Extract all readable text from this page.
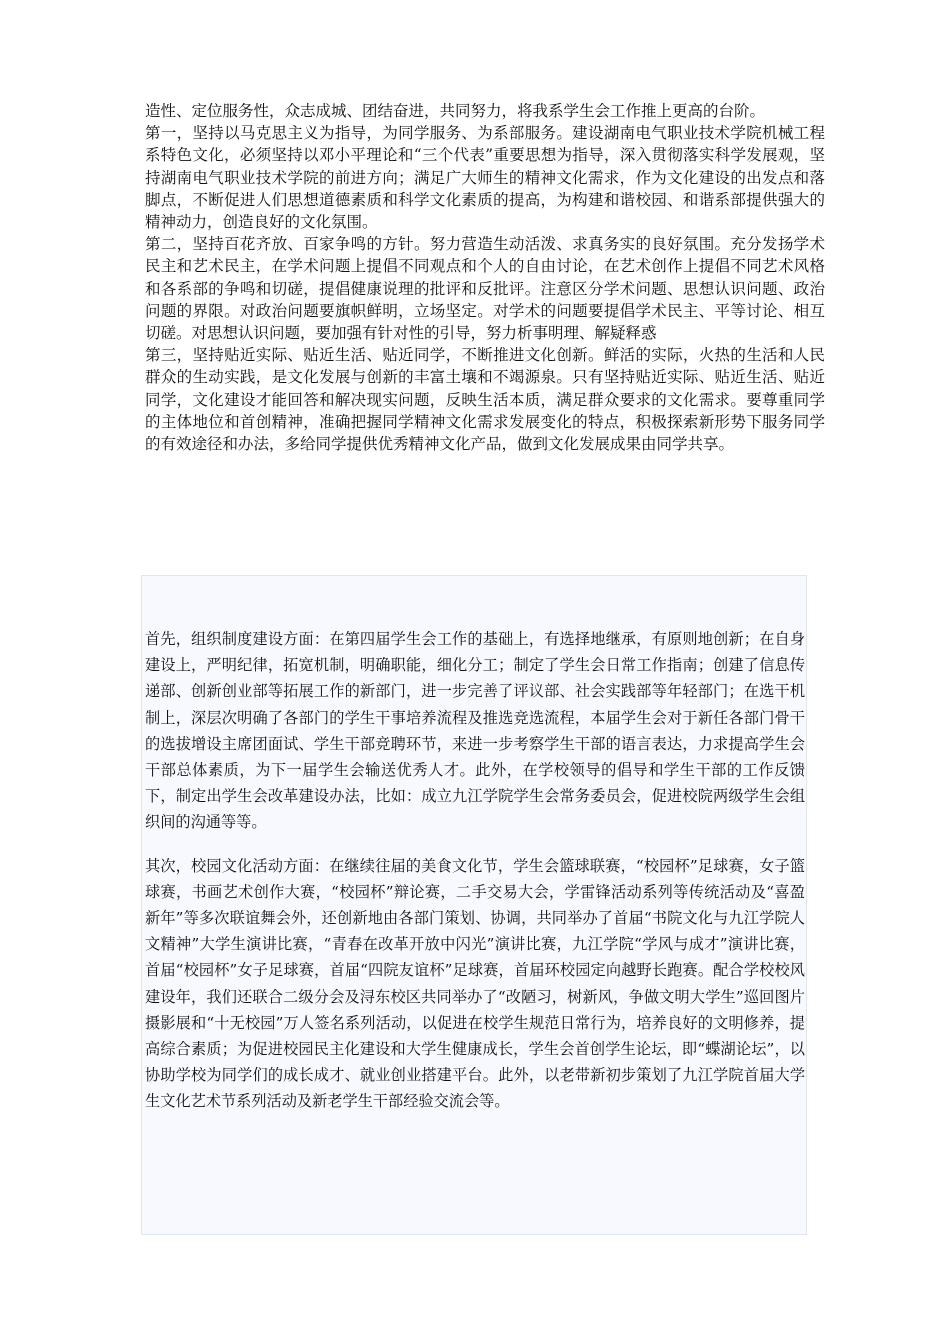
造性、定位服务性，众志成城、团结奋进，共同努力，将我系学生会工作推上更高的台阶。

第一，坚持以马克思主义为指导，为同学服务、为系部服务。建设湖南电气职业技术学院机械工程系特色文化，必须坚持以邓小平理论和“三个代表”重要思想为指导，深入贯彻落实科学发展观，坚持湖南电气职业技术学院的前进方向；满足广大师生的精神文化需求，作为文化建设的出发点和落脚点，不断促进人们思想道德素质和科学文化素质的提高，为构建和谐校园、和谐系部提供强大的精神动力，创造良好的文化氛围。

第二，坚持百花齐放、百家争鸣的方针。努力营造生动活泼、求真务实的良好氛围。充分发扬学术民主和艺术民主，在学术问题上提倡不同观点和个人的自由讨论，在艺术创作上提倡不同艺术风格和各系部的争鸣和切磋，提倡健康说理的批评和反批评。注意区分学术问题、思想认识问题、政治问题的界限。对政治问题要旗帜鲜明，立场坚定。对学术的问题要提倡学术民主、平等讨论、相互切磋。对思想认识问题，要加强有针对性的引导，努力析事明理、解疑释惑

第三，坚持贴近实际、贴近生活、贴近同学，不断推进文化创新。鲜活的实际，火热的生活和人民群众的生动实践，是文化发展与创新的丰富土壤和不竭源泉。只有坚持贴近实际、贴近生活、贴近同学，文化建设才能回答和解决现实问题，反映生活本质，满足群众要求的文化需求。要尊重同学的主体地位和首创精神，准确把握同学精神文化需求发展变化的特点，积极探索新形势下服务同学的有效途径和办法，多给同学提供优秀精神文化产品，做到文化发展成果由同学共享。

首先，组织制度建设方面：在第四届学生会工作的基础上，有选择地继承，有原则地创新；在自身建设上，严明纪律，拓宽机制，明确职能，细化分工；制定了学生会日常工作指南；创建了信息传递部、创新创业部等拓展工作的新部门，进一步完善了评议部、社会实践部等年轻部门；在选干机制上，深层次明确了各部门的学生干事培养流程及推选竞选流程，本届学生会对于新任各部门骨干的选拔增设主席团面试、学生干部竞聘环节，来进一步考察学生干部的语言表达，力求提高学生会干部总体素质，为下一届学生会输送优秀人才。此外，在学校领导的倡导和学生干部的工作反馈下，制定出学生会改革建设办法，比如：成立九江学院学生会常务委员会，促进校院两级学生会组织间的沟通等等。

其次，校园文化活动方面：在继续往届的美食文化节，学生会篮球联赛，“校园杯”足球赛，女子篮球赛，书画艺术创作大赛，“校园杯”辩论赛，二手交易大会，学雷锋活动系列等传统活动及“喜盈新年”等多次联谊舞会外，还创新地由各部门策划、协调，共同举办了首届“书院文化与九江学院人文精神”大学生演讲比赛，“青春在改革开放中闪光”演讲比赛，九江学院“学风与成才”演讲比赛，首届“校园杯”女子足球赛，首届“四院友谊杯”足球赛，首届环校园定向越野长跑赛。配合学校校风建设年，我们还联合二级分会及浔东校区共同举办了“改陋习，树新风，争做文明大学生”巡回图片摄影展和“十无校园”万人签名系列活动，以促进在校学生规范日常行为，培养良好的文明修养，提高综合素质；为促进校园民主化建设和大学生健康成长，学生会首创学生论坛，即“蝶湖论坛”，以协助学校为同学们的成长成才、就业创业搭建平台。此外，以老带新初步策划了九江学院首届大学生文化艺术节系列活动及新老学生干部经验交流会等。
